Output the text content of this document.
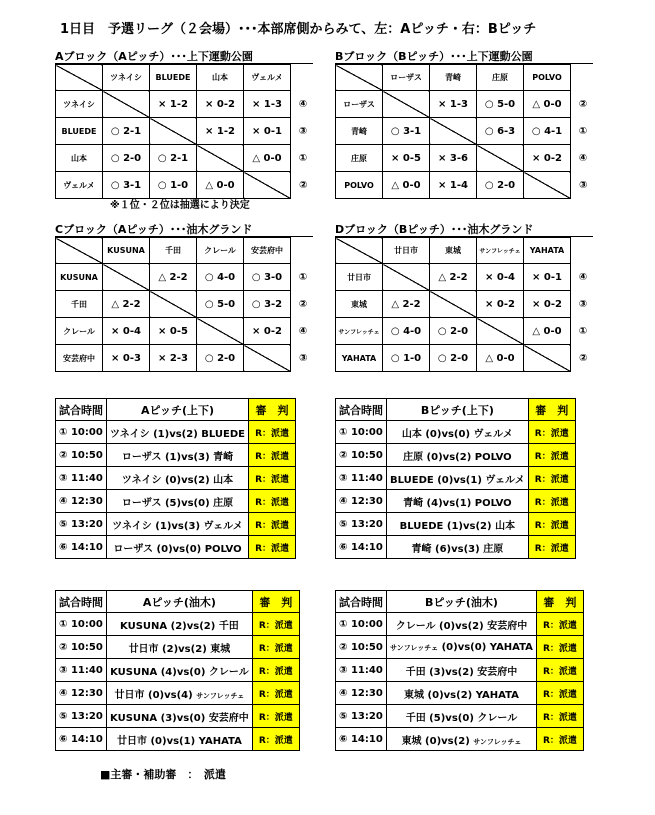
1日目　予選リーグ（２会場）･･･本部席側からみて、左：Aピッチ・右：Bピッチ
Aブロック（Aピッチ）･･･上下運動公園
	ツネイシ	BLUEDE	山本	ヴェルメ	
ツネイシ		× 1-2	× 0-2	× 1-3	④
BLUEDE	○ 2-1		× 1-2	× 0-1	③
山本	○ 2-0	○ 2-1		△ 0-0	①
ヴェルメ	○ 3-1	○ 1-0	△ 0-0		②
※１位・２位は抽選により決定
Bブロック（Bピッチ）･･･上下運動公園
	ローザス	青崎	庄原	POLVO	
ローザス		× 1-3	○ 5-0	△ 0-0	②
青崎	○ 3-1		○ 6-3	○ 4-1	①
庄原	× 0-5	× 3-6		× 0-2	④
POLVO	△ 0-0	× 1-4	○ 2-0		③
Cブロック（Aピッチ）･･･油木グランド
	KUSUNA	千田	クレール	安芸府中	
KUSUNA		△ 2-2	○ 4-0	○ 3-0	①
千田	△ 2-2		○ 5-0	○ 3-2	②
クレール	× 0-4	× 0-5		× 0-2	④
安芸府中	× 0-3	× 2-3	○ 2-0		③
Dブロック（Bピッチ）･･･油木グランド
	廿日市	東城	サンフレッチェ	YAHATA	
廿日市		△ 2-2	× 0-4	× 0-1	④
東城	△ 2-2		× 0-2	× 0-2	③
サンフレッチェ	○ 4-0	○ 2-0		△ 0-0	①
YAHATA	○ 1-0	○ 2-0	△ 0-0		②
試合時間	Aピッチ(上下)	審　判
① 10:00	ツネイシ (1)vs(2) BLUEDE	R：派遣
② 10:50	ローザス (1)vs(3) 青崎	R：派遣
③ 11:40	ツネイシ (0)vs(2) 山本	R：派遣
④ 12:30	ローザス (5)vs(0) 庄原	R：派遣
⑤ 13:20	ツネイシ (1)vs(3) ヴェルメ	R：派遣
⑥ 14:10	ローザス (0)vs(0) POLVO	R：派遣
試合時間	Bピッチ(上下)	審　判
① 10:00	山本 (0)vs(0) ヴェルメ	R：派遣
② 10:50	庄原 (0)vs(2) POLVO	R：派遣
③ 11:40	BLUEDE (0)vs(1) ヴェルメ	R：派遣
④ 12:30	青崎 (4)vs(1) POLVO	R：派遣
⑤ 13:20	BLUEDE (1)vs(2) 山本	R：派遣
⑥ 14:10	青崎 (6)vs(3) 庄原	R：派遣
試合時間	Aピッチ(油木)	審　判
① 10:00	KUSUNA (2)vs(2) 千田	R：派遣
② 10:50	廿日市 (2)vs(2) 東城	R：派遣
③ 11:40	KUSUNA (4)vs(0) クレール	R：派遣
④ 12:30	廿日市 (0)vs(4) サンフレッチェ	R：派遣
⑤ 13:20	KUSUNA (3)vs(0) 安芸府中	R：派遣
⑥ 14:10	廿日市 (0)vs(1) YAHATA	R：派遣
試合時間	Bピッチ(油木)	審　判
① 10:00	クレール (0)vs(2) 安芸府中	R：派遣
② 10:50	サンフレッチェ (0)vs(0) YAHATA	R：派遣
③ 11:40	千田 (3)vs(2) 安芸府中	R：派遣
④ 12:30	東城 (0)vs(2) YAHATA	R：派遣
⑤ 13:20	千田 (5)vs(0) クレール	R：派遣
⑥ 14:10	東城 (0)vs(2) サンフレッチェ	R：派遣
■主審・補助審　：　派遣
